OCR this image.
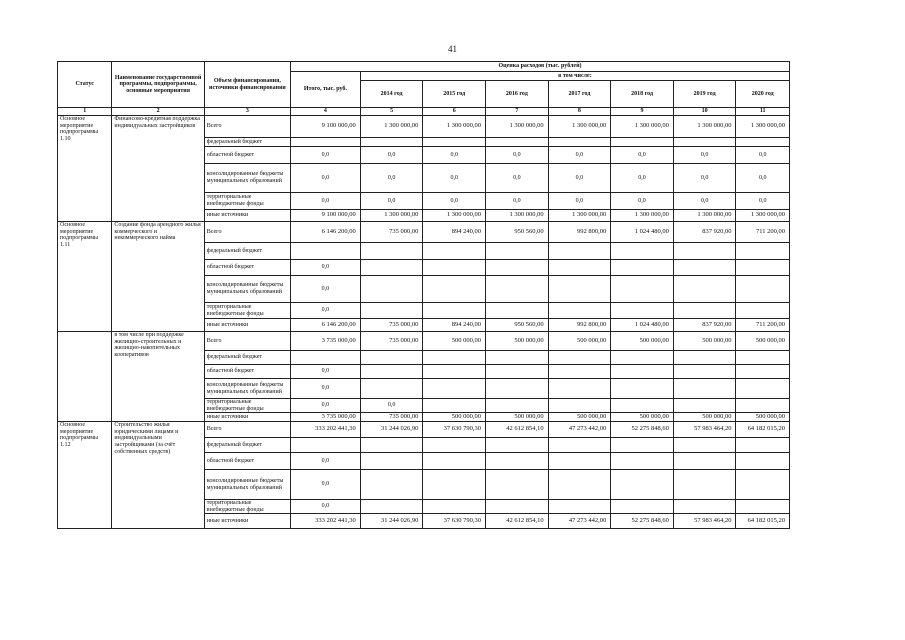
41
Статус	Наименование государственной программы, подпрограммы, основные мероприятия	Объем финансирования, источники финансирования	Оценка расходов (тыс. рублей)							
			Итого, тыс. руб.	в том числе:						
				2014 год	2015 год	2016 год	2017 год	2018 год	2019 год	2020 год
1	2	3	4	5	6	7	8	9	10	11
Основное мероприятие подпрограммы 1.10	Финансово-кредитная поддержка индивидуальных застройщиков	Всего	9 100 000,00	1 300 000,00	1 300 000,00	1 300 000,00	1 300 000,00	1 300 000,00	1 300 000,00	1 300 000,00
		федеральный бюджет								
		областной бюджет	0,0	0,0	0,0	0,0	0,0	0,0	0,0	0,0
		консолидированные бюджеты муниципальных образований	0,0	0,0	0,0	0,0	0,0	0,0	0,0	0,0
		территориальные внебюджетные фонды	0,0	0,0	0,0	0,0	0,0	0,0	0,0	0,0
		иные источники	9 100 000,00	1 300 000,00	1 300 000,00	1 300 000,00	1 300 000,00	1 300 000,00	1 300 000,00	1 300 000,00
Основное мероприятие подпрограммы 1.11	Создание фонда арендного жилья коммерческого и некоммерческого найма	Всего	6 146 200,00	735 000,00	894 240,00	950 560,00	992 800,00	1 024 480,00	837 920,00	711 200,00
		федеральный бюджет								
		областной бюджет	0,0							
		консолидированные бюджеты муниципальных образований	0,0							
		территориальные внебюджетные фонды	0,0							
		иные источники	6 146 200,00	735 000,00	894 240,00	950 560,00	992 800,00	1 024 480,00	837 920,00	711 200,00
	в том числе при поддержке жилищно-строительных и жилищно-накопительных кооперативов	Всего	3 735 000,00	735 000,00	500 000,00	500 000,00	500 000,00	500 000,00	500 000,00	500 000,00
		федеральный бюджет								
		областной бюджет	0,0							
		консолидированные бюджеты муниципальных образований	0,0							
		территориальные внебюджетные фонды	0,0	0,0						
		иные источники	3 735 000,00	735 000,00	500 000,00	500 000,00	500 000,00	500 000,00	500 000,00	500 000,00
Основное мероприятие подпрограммы 1.12	Строительство жилья юридическими лицами и индивидуальными застройщиками (за счёт собственных средств)	Всего	333 202 441,30	31 244 026,90	37 630 790,30	42 612 854,10	47 273 442,00	52 275 848,60	57 983 464,20	64 182 015,20
		федеральный бюджет								
		областной бюджет	0,0							
		консолидированные бюджеты муниципальных образований	0,0							
		территориальные внебюджетные фонды	0,0							
		иные источники	333 202 441,30	31 244 026,90	37 630 790,30	42 612 854,10	47 273 442,00	52 275 848,60	57 983 464,20	64 182 015,20
